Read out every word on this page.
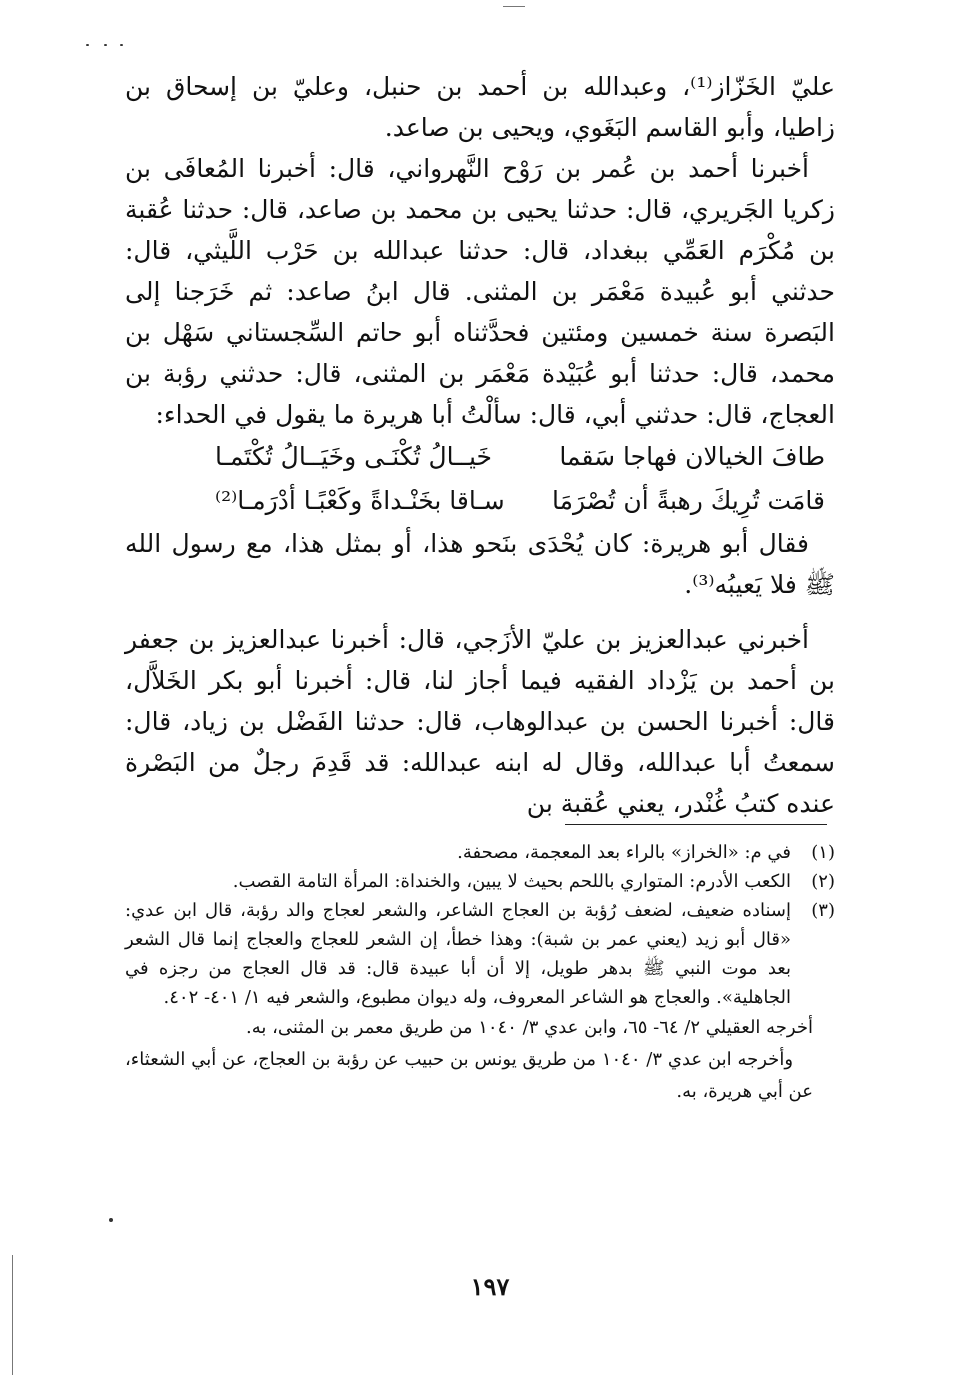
عليّ الخَزّاز⁽¹⁾، وعبدالله بن أحمد بن حنبل، وعليّ بن إسحاق بن زاطيا، وأبو القاسم البَغَوي، ويحيى بن صاعد.

أخبرنا أحمد بن عُمر بن رَوْح النَّهرواني، قال: أخبرنا المُعافَى بن زكريا الجَريري، قال: حدثنا يحيى بن محمد بن صاعد، قال: حدثنا عُقبة بن مُكْرَم العَمِّي ببغداد، قال: حدثنا عبدالله بن حَرْب اللَّيثي، قال: حدثني أبو عُبيدة مَعْمَر بن المثنى. قال ابنُ صاعد: ثم خَرَجنا إلى البَصرة سنة خمسين ومئتين فحدَّثناه أبو حاتم السِّجستاني سَهْل بن محمد، قال: حدثنا أبو عُبَيْدة مَعْمَر بن المثنى، قال: حدثني رؤبة بن العجاج، قال: حدثني أبي، قال: سألْتُ أبا هريرة ما يقول في الحداء:

طافَ الخيالان فهاجا سَقما
خَيــالُ تُكْنَـى وخَيَــالُ تُكْتَمـا
قامَت تُرِيكَ رهبةً أن تُصْرَمَا
سـاقا بخَنْـداةً وكَعْبًـا أدْرَمـا⁽²⁾

فقال أبو هريرة: كان يُحْدَى بنَحو هذا، أو بمثل هذا، مع رسول الله ﷺ فلا يَعيبُه⁽³⁾.

أخبرني عبدالعزيز بن عليّ الأزَجي، قال: أخبرنا عبدالعزيز بن جعفر بن أحمد بن يَزْداد الفقيه فيما أجاز لنا، قال: أخبرنا أبو بكر الخَلاَّل، قال: أخبرنا الحسن بن عبدالوهاب، قال: حدثنا الفَضْل بن زياد، قال: سمعتُ أبا عبدالله، وقال له ابنه عبدالله: قد قَدِمَ رجلٌ من البَصْرة عنده كتبُ غُنْدر، يعني عُقبة بن

(١)
في م: «الخراز» بالراء بعد المعجمة، مصحفة.
(٢)
الكعب الأدرم: المتواري باللحم بحيث لا يبين، والخنداة: المرأة التامة القصب.
(٣)
إسناده ضعيف، لضعف رُؤبة بن العجاج الشاعر، والشعر لعجاج والد رؤبة، قال ابن عدي: «قال أبو زيد (يعني عمر بن شبة): وهذا خطأ، إن الشعر للعجاج والعجاج إنما قال الشعر بعد موت النبي ﷺ بدهر طويل، إلا أن أبا عبيدة قال: قد قال العجاج من رجزه في الجاهلية». والعجاج هو الشاعر المعروف، وله ديوان مطبوع، والشعر فيه ١/ ٤٠١- ٤٠٢.

أخرجه العقيلي ٢/ ٦٤- ٦٥، وابن عدي ٣/ ١٠٤٠ من طريق معمر بن المثنى، به.

وأخرجه ابن عدي ٣/ ١٠٤٠ من طريق يونس بن حبيب عن رؤبة بن العجاج، عن أبي الشعثاء، عن أبي هريرة، به.

١٩٧
